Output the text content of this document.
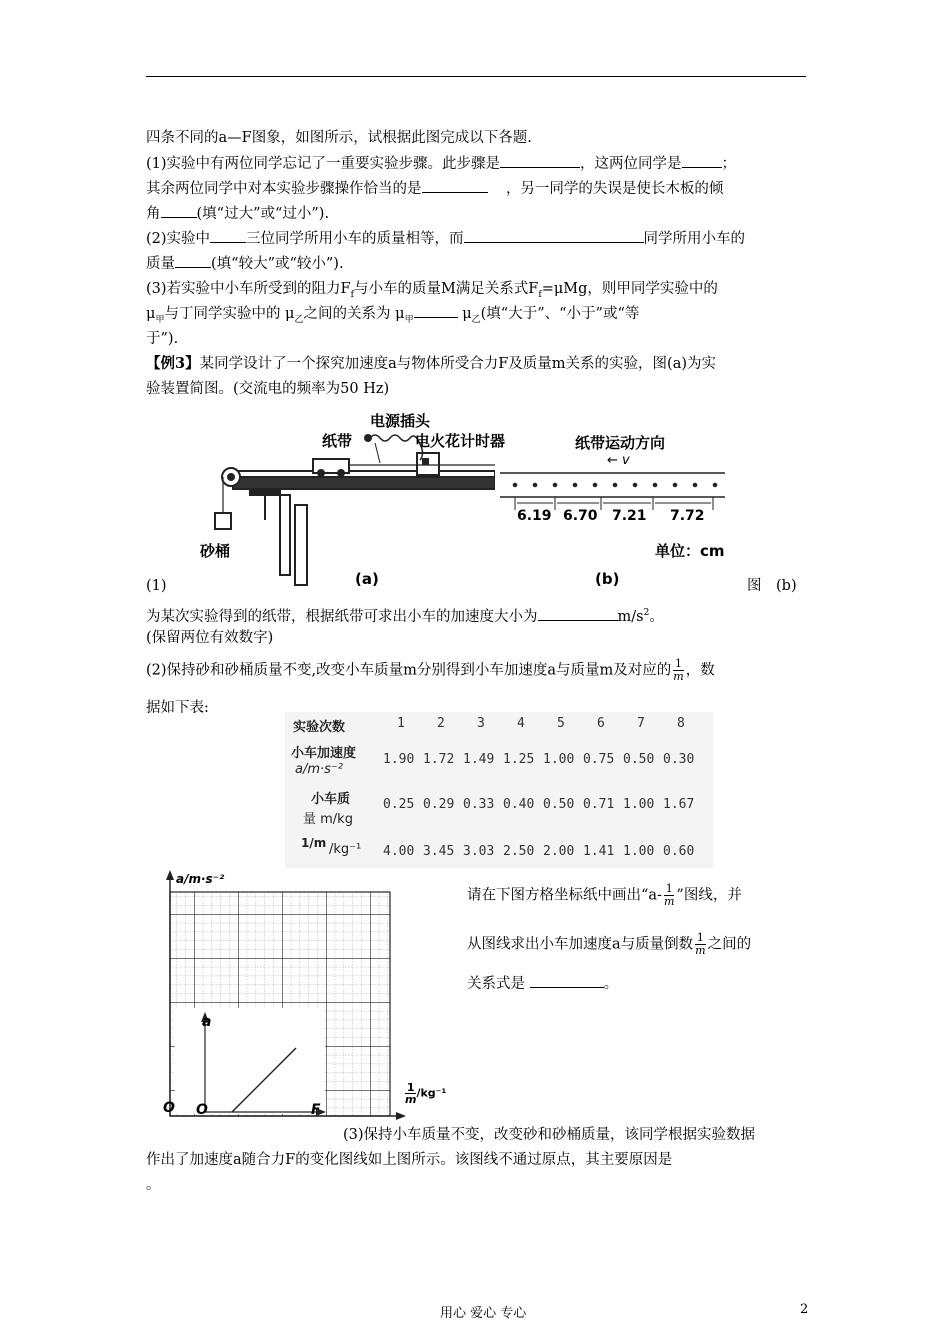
四条不同的a—F图象，如图所示，试根据此图完成以下各题.
(1)实验中有两位同学忘记了一重要实验步骤。此步骤是	，这两位同学是	；
其余两位同学中对本实验步骤操作恰当的是	，另一同学的失误是使长木板的倾
角 (填“过大”或“过小”).
(2)实验中 三位同学所用小车的质量相等，而	同学所用小车的
质量 (填“较大”或“较小”).
(3)若实验中小车所受到的阻力$F_f$与小车的质量M满足关系式$F_f=\mu Mg$，则甲同学实验中的
$\mu_甲$与丁同学实验中的 $\mu_乙$之间的关系为 $\mu_甲$	$\mu_乙$(填“大于”、“小于”或“等
于”).
【例3】某同学设计了一个探究加速度a与物体所受合力F及质量m关系的实验，图(a)为实
验装置简图。(交流电的频率为50 Hz)
电源插头
纸带	电火花计时器
砂桶
(a)
纸带运动方向
← v
6.19 6.70 7.21 7.72
单位：cm
(b)
(1)	图　(b)
为某次实验得到的纸带，根据纸带可求出小车的加速度大小为	$m/s^2$。
(保留两位有效数字)
(2)保持砂和砂桶质量不变,改变小车质量m分别得到小车加速度a与质量m及对应的 $\frac{1}{m}$ ，数
据如下表:
实验次数	1 2 3 4 5 6 7 8
小车加速度
a/m·s⁻²
1.90 1.72 1.49 1.25 1.00 0.75 0.50 0.30
小车质
量 m/kg
0.25 0.29 0.33 0.40 0.50 0.71 1.00 1.67
1/m /kg⁻¹ 4.00 3.45 3.03 2.50 2.00 1.41 1.00 0.60
a/m·s⁻²
O
$\frac{1}{m} /kg^{-1}$
a
O	F
请在下图方格坐标纸中画出“$a- \frac{1}{m}$ ”图线，并
从图线求出小车加速度a与质量倒数 $\frac{1}{m}$ 之间的
关系式是	。
(3)保持小车质量不变，改变砂和砂桶质量，该同学根据实验数据
作出了加速度a随合力F的变化图线如上图所示。该图线不通过原点，其主要原因是
。
用心 爱心 专心	2
